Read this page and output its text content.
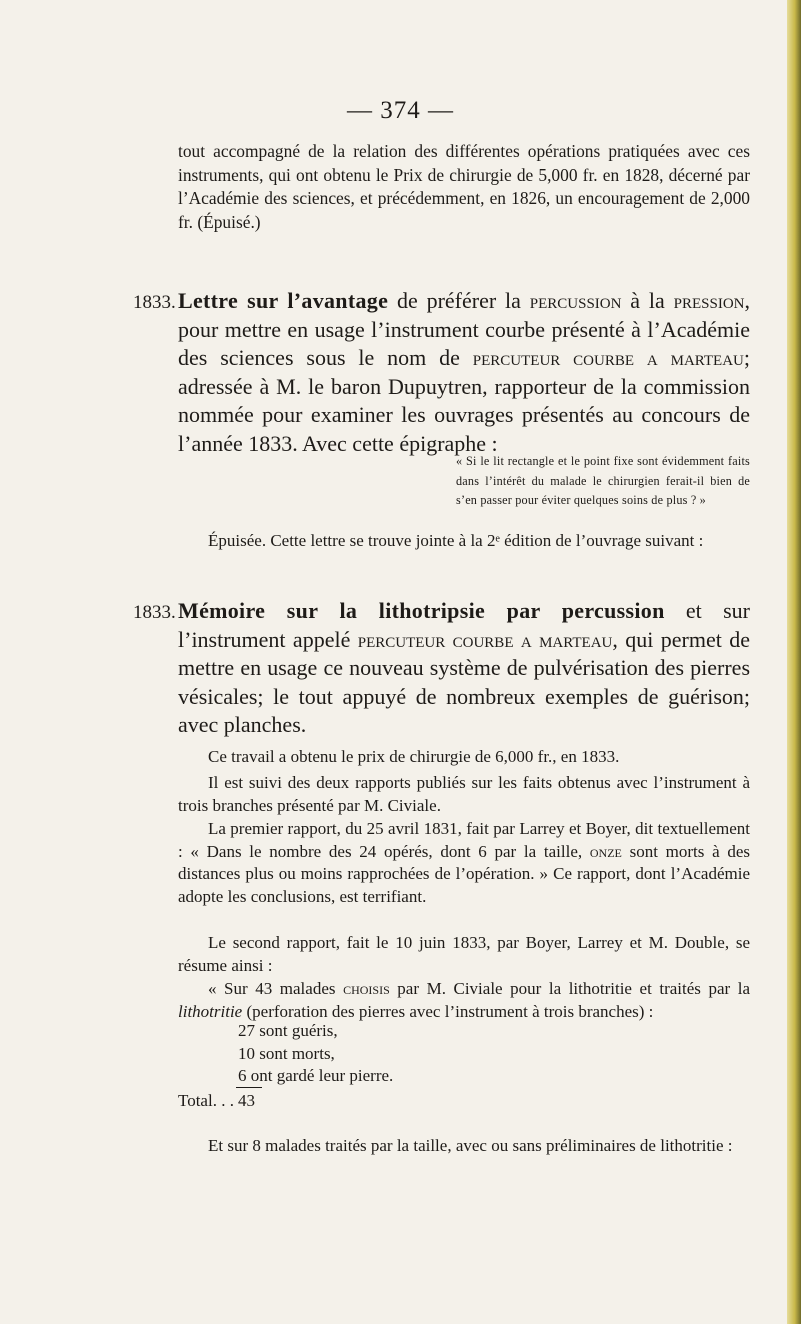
— 374 —

tout accompagné de la relation des différentes opérations pratiquées avec ces instruments, qui ont obtenu le Prix de chirurgie de 5,000 fr. en 1828, décerné par l’Académie des sciences, et précédemment, en 1826, un encouragement de 2,000 fr. (Épuisé.)

1833. Lettre sur l’avantage de préférer la percussion à la pression, pour mettre en usage l’instrument courbe présenté à l’Académie des sciences sous le nom de percuteur courbe a marteau; adressée à M. le baron Dupuytren, rapporteur de la commission nommée pour examiner les ouvrages présentés au concours de l’année 1833. Avec cette épigraphe :

« Si le lit rectangle et le point fixe sont évidemment faits dans l’intérêt du malade le chirurgien ferait-il bien de s’en passer pour éviter quelques soins de plus ? »

Épuisée. Cette lettre se trouve jointe à la 2ᵉ édition de l’ouvrage suivant :

1833. Mémoire sur la lithotripsie par percussion et sur l’instrument appelé percuteur courbe a marteau, qui permet de mettre en usage ce nouveau système de pulvérisation des pierres vésicales; le tout appuyé de nombreux exemples de guérison; avec planches.

Ce travail a obtenu le prix de chirurgie de 6,000 fr., en 1833.

Il est suivi des deux rapports publiés sur les faits obtenus avec l’instrument à trois branches présenté par M. Civiale.

La premier rapport, du 25 avril 1831, fait par Larrey et Boyer, dit textuellement : « Dans le nombre des 24 opérés, dont 6 par la taille, onze sont morts à des distances plus ou moins rapprochées de l’opération. » Ce rapport, dont l’Académie adopte les conclusions, est terrifiant.

Le second rapport, fait le 10 juin 1833, par Boyer, Larrey et M. Double, se résume ainsi :

« Sur 43 malades choisis par M. Civiale pour la lithotritie et traités par la lithotritie (perforation des pierres avec l’instrument à trois branches) :

27 sont guéris,
10 sont morts,
6 ont gardé leur pierre.
Total. . . 43

Et sur 8 malades traités par la taille, avec ou sans préliminaires de lithotritie :
